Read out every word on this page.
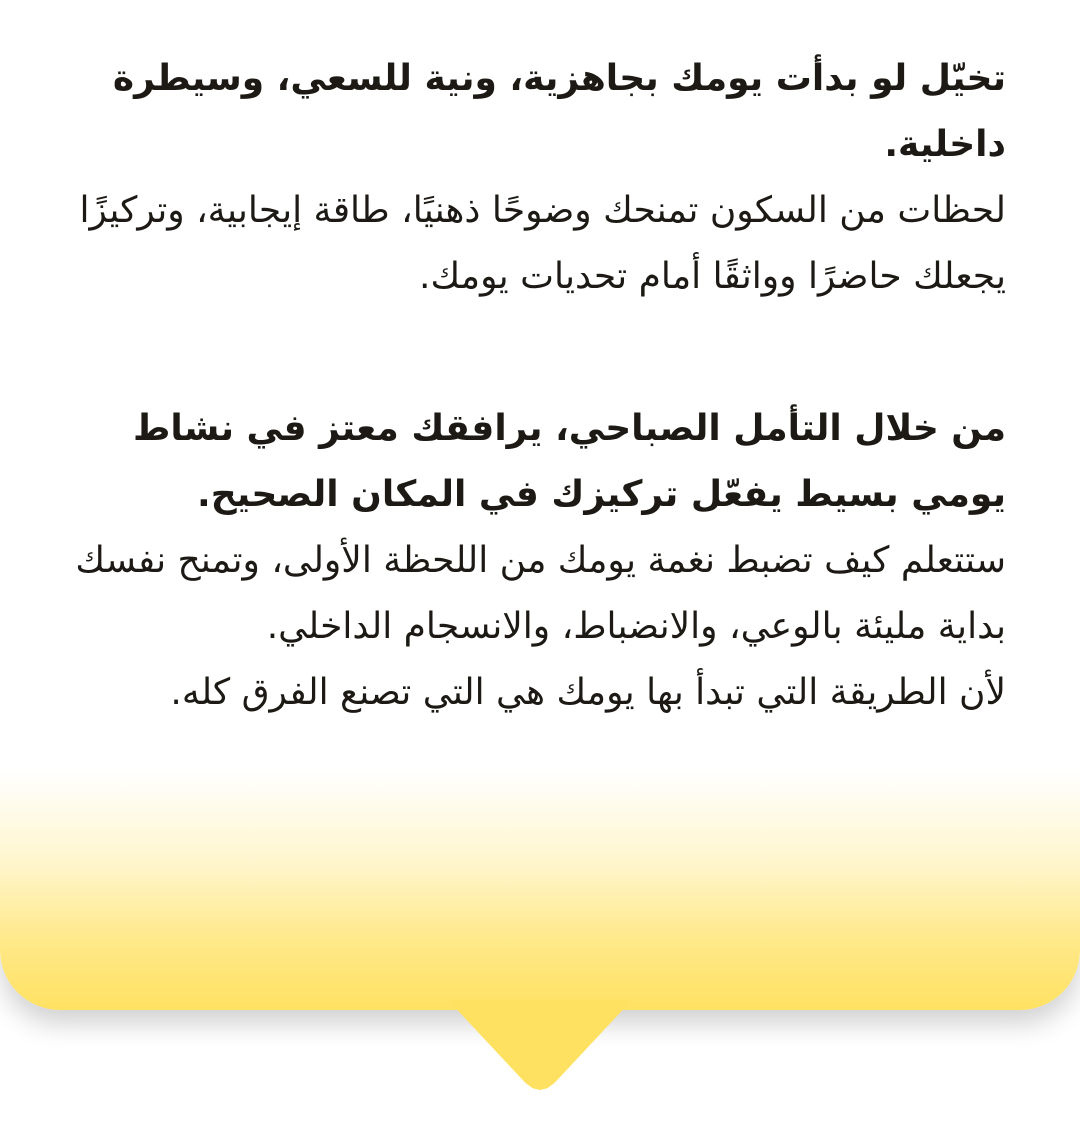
تخيّل لو بدأت يومك بجاهزية، ونية للسعي، وسيطرة داخلية.

لحظات من السكون تمنحك وضوحًا ذهنيًا، طاقة إيجابية، وتركيزًا يجعلك حاضرًا وواثقًا أمام تحديات يومك.

من خلال التأمل الصباحي، يرافقك معتز في نشاط يومي بسيط يفعّل تركيزك في المكان الصحيح.

ستتعلم كيف تضبط نغمة يومك من اللحظة الأولى، وتمنح نفسك بداية مليئة بالوعي، والانضباط، والانسجام الداخلي.

لأن الطريقة التي تبدأ بها يومك هي التي تصنع الفرق كله.
